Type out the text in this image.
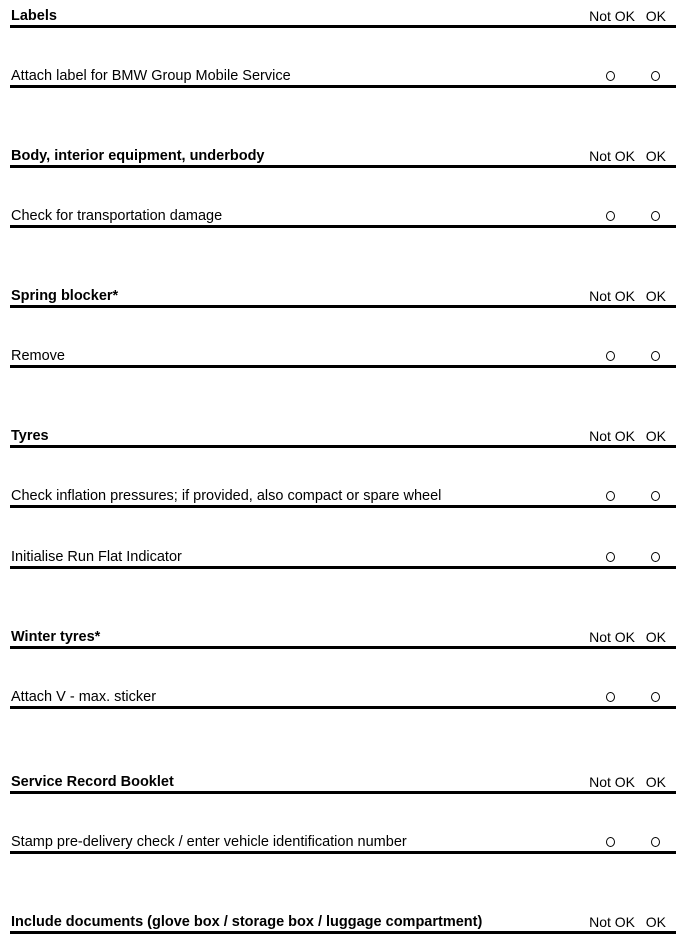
Labels	Not OK OK
Attach label for BMW Group Mobile Service
Body, interior equipment, underbody	Not OK OK
Check for transportation damage
Spring blocker*	Not OK OK
Remove
Tyres	Not OK OK
Check inflation pressures; if provided, also compact or spare wheel
Initialise Run Flat Indicator
Winter tyres*	Not OK OK
Attach V - max. sticker
Service Record Booklet	Not OK OK
Stamp pre-delivery check / enter vehicle identification number
Include documents (glove box / storage box / luggage compartment)	Not OK OK
